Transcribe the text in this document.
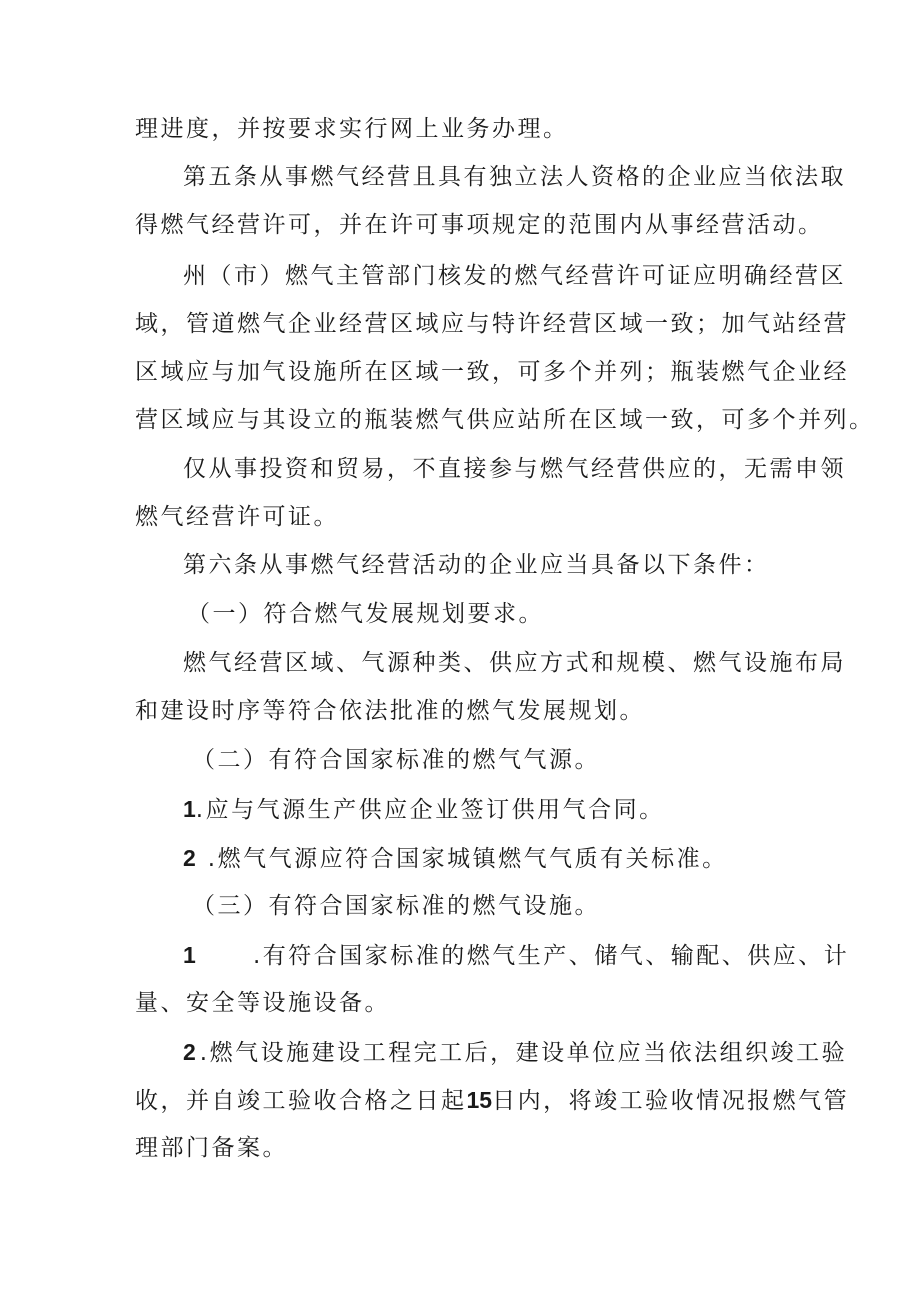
理进度，并按要求实行网上业务办理。
第五条从事燃气经营且具有独立法人资格的企业应当依法取
得燃气经营许可，并在许可事项规定的范围内从事经营活动。
州（市）燃气主管部门核发的燃气经营许可证应明确经营区
域，管道燃气企业经营区域应与特许经营区域一致；加气站经营
区域应与加气设施所在区域一致，可多个并列；瓶装燃气企业经
营区域应与其设立的瓶装燃气供应站所在区域一致，可多个并列。
仅从事投资和贸易，不直接参与燃气经营供应的，无需申领
燃气经营许可证。
第六条从事燃气经营活动的企业应当具备以下条件：
（一）符合燃气发展规划要求。
燃气经营区域、气源种类、供应方式和规模、燃气设施布局
和建设时序等符合依法批准的燃气发展规划。
（二）有符合国家标准的燃气气源。
1.应与气源生产供应企业签订供用气合同。
2 .燃气气源应符合国家城镇燃气气质有关标准。
（三）有符合国家标准的燃气设施。
1 .有符合国家标准的燃气生产、储气、输配、供应、计
量、安全等设施设备。
2 .燃气设施建设工程完工后，建设单位应当依法组织竣工验
收，并自竣工验收合格之日起15日内，将竣工验收情况报燃气管
理部门备案。
